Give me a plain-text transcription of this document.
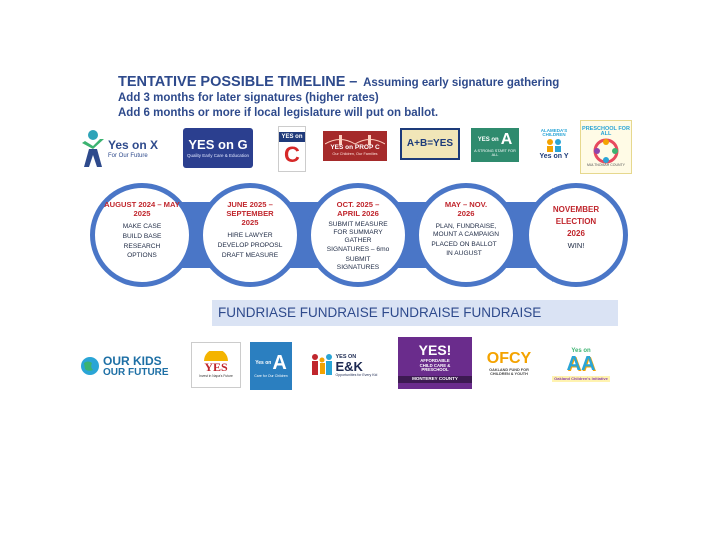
TENTATIVE POSSIBLE TIMELINE – Assuming early signature gathering
Add 3 months for later signatures (higher rates)
Add 6 months or more if local legislature will put on ballot.
Yes on X
For Our Future
YES on G
Quality Early Care & Education
YES on
C	YES on PROP C
Our Children, Our Families
A+B=YES	YES on A
A STRONG START FOR ALL
ALAMEDA'S CHILDREN
Yes on Y
PRESCHOOL FOR ALL
MULTNOMAH COUNTY
AUGUST 2024 – MAY 2025
MAKE CASE
BUILD BASE
RESEARCH OPTIONS
JUNE 2025 – SEPTEMBER 2025
HIRE LAWYER
DEVELOP PROPOSL
DRAFT MEASURE
OCT. 2025 – APRIL 2026
SUBMIT MEASURE FOR SUMMARY GATHER SIGNATURES – 6mo
SUBMIT SIGNATURES
MAY – NOV. 2026
PLAN, FUNDRAISE, MOUNT A CAMPAIGN
PLACED ON BALLOT IN AUGUST
NOVEMBER ELECTION 2026
WIN!
FUNDRIASE FUNDRAISE FUNDRAISE FUNDRAISE
OUR KIDS
OUR FUTURE	YES
Invest in Napa's Future
Yes on A
Care for Our Children
YES ON
E&K
Opportunities for Every Kid
YES!
AFFORDABLE CHILD CARE & PRESCHOOL
MONTEREY COUNTY
OFCY
OAKLAND FUND FOR CHILDREN & YOUTH
Yes on
AA
Oakland Children's Initiative
